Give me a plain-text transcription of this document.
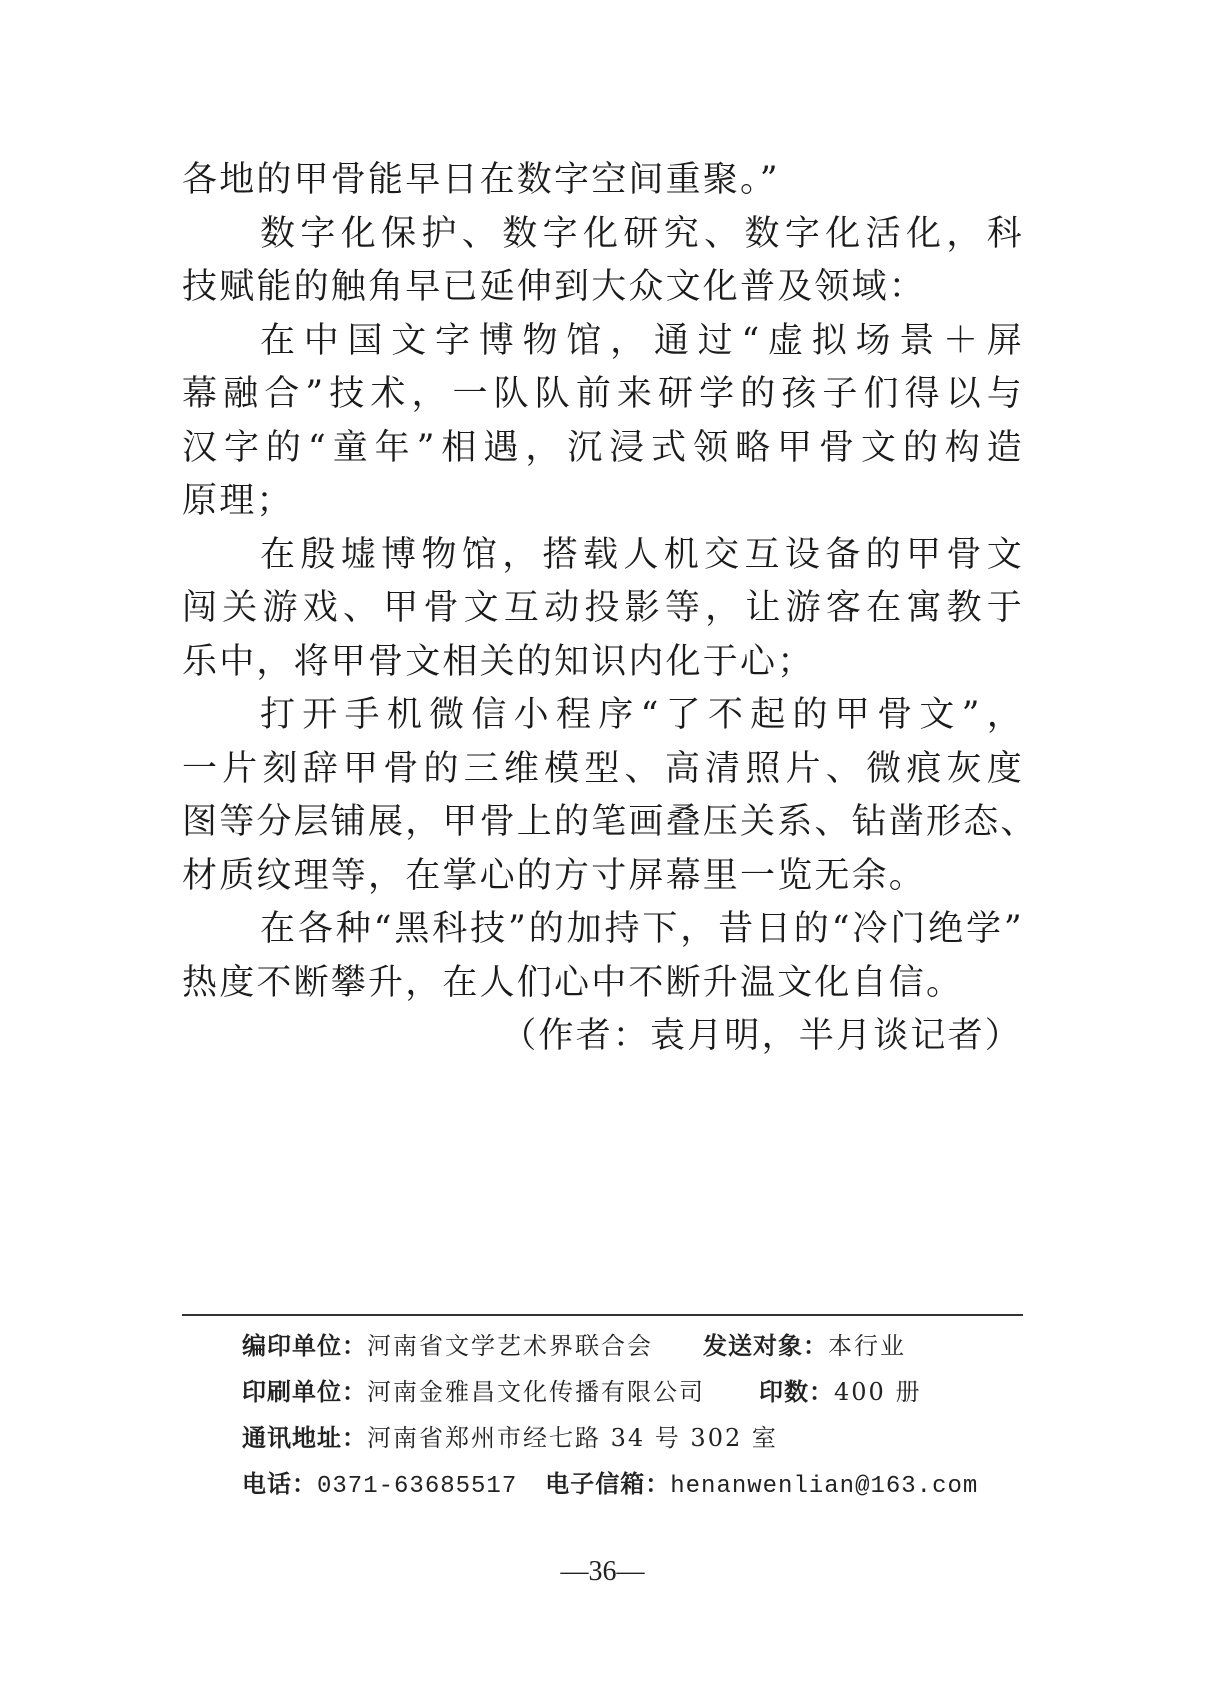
各地的甲骨能早日在数字空间重聚。”
数字化保护、数字化研究、数字化活化，科
技赋能的触角早已延伸到大众文化普及领域：
在中国文字博物馆，通过“虚拟场景＋屏
幕融合”技术，一队队前来研学的孩子们得以与
汉字的“童年”相遇，沉浸式领略甲骨文的构造
原理；
在殷墟博物馆，搭载人机交互设备的甲骨文
闯关游戏、甲骨文互动投影等，让游客在寓教于
乐中，将甲骨文相关的知识内化于心；
打开手机微信小程序“了不起的甲骨文”，
一片刻辞甲骨的三维模型、高清照片、微痕灰度
图等分层铺展，甲骨上的笔画叠压关系、钻凿形态、
材质纹理等，在掌心的方寸屏幕里一览无余。
在各种“黑科技”的加持下，昔日的“冷门绝学”
热度不断攀升，在人们心中不断升温文化自信。
（作者：袁月明，半月谈记者）
编印单位：河南省文学艺术界联合会 发送对象：本行业
印刷单位：河南金雅昌文化传播有限公司 印数：400 册
通讯地址：河南省郑州市经七路 34 号 302 室
电话：0371-63685517 电子信箱：henanwenlian@163.com
—36—
